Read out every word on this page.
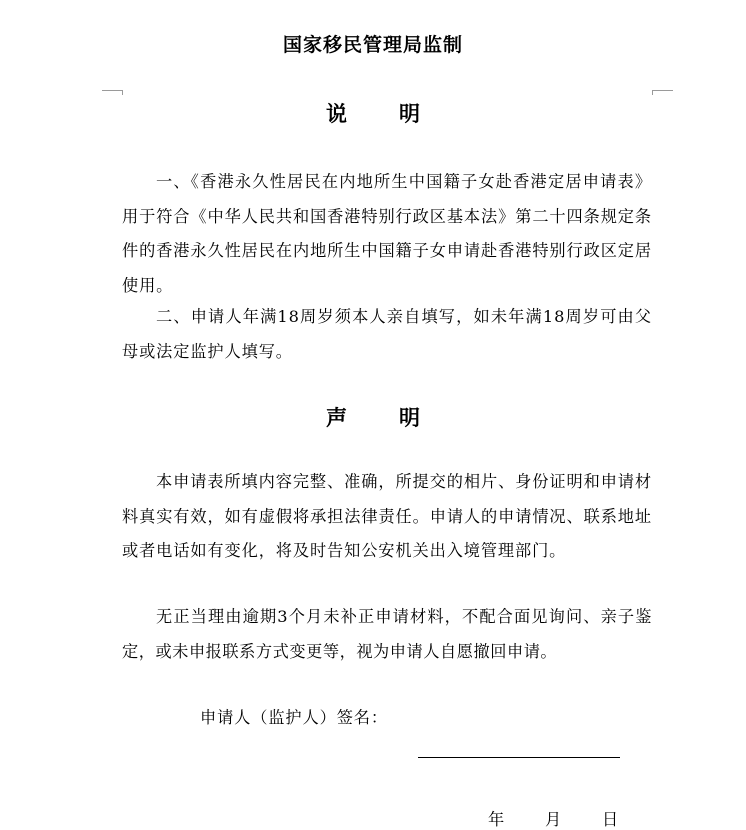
国家移民管理局监制
说 明
一、《香港永久性居民在内地所生中国籍子女赴香港定居申请表》用于符合《中华人民共和国香港特别行政区基本法》第二十四条规定条件的香港永久性居民在内地所生中国籍子女申请赴香港特别行政区定居使用。
二、申请人年满18周岁须本人亲自填写，如未年满18周岁可由父母或法定监护人填写。
声 明
本申请表所填内容完整、准确，所提交的相片、身份证明和申请材料真实有效，如有虚假将承担法律责任。申请人的申请情况、联系地址或者电话如有变化，将及时告知公安机关出入境管理部门。
无正当理由逾期3个月未补正申请材料，不配合面见询问、亲子鉴定，或未申报联系方式变更等，视为申请人自愿撤回申请。
申请人（监护人）签名：
年	月	日
